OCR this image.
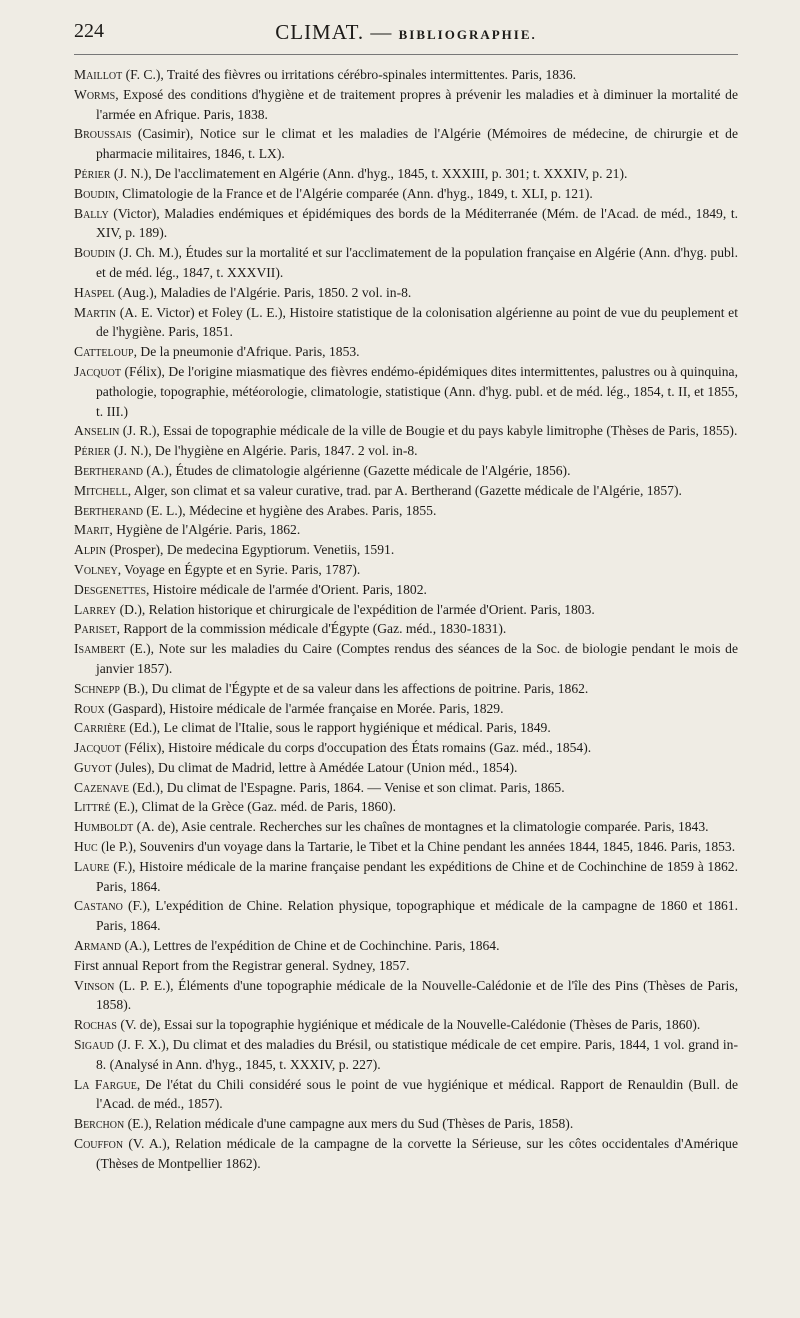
224	CLIMAT. — BIBLIOGRAPHIE.
Maillot (F. C.), Traité des fièvres ou irritations cérébro-spinales intermittentes. Paris, 1836.
Worms, Exposé des conditions d'hygiène et de traitement propres à prévenir les maladies et à diminuer la mortalité de l'armée en Afrique. Paris, 1838.
Broussais (Casimir), Notice sur le climat et les maladies de l'Algérie (Mémoires de médecine, de chirurgie et de pharmacie militaires, 1846, t. LX).
Périer (J. N.), De l'acclimatement en Algérie (Ann. d'hyg., 1845, t. XXXIII, p. 301; t. XXXIV, p. 21).
Boudin, Climatologie de la France et de l'Algérie comparée (Ann. d'hyg., 1849, t. XLI, p. 121).
Bally (Victor), Maladies endémiques et épidémiques des bords de la Méditerranée (Mém. de l'Acad. de méd., 1849, t. XIV, p. 189).
Boudin (J. Ch. M.), Études sur la mortalité et sur l'acclimatement de la population française en Algérie (Ann. d'hyg. publ. et de méd. lég., 1847, t. XXXVII).
Haspel (Aug.), Maladies de l'Algérie. Paris, 1850. 2 vol. in-8.
Martin (A. E. Victor) et Foley (L. E.), Histoire statistique de la colonisation algérienne au point de vue du peuplement et de l'hygiène. Paris, 1851.
Catteloup, De la pneumonie d'Afrique. Paris, 1853.
Jacquot (Félix), De l'origine miasmatique des fièvres endémo-épidémiques dites intermittentes, palustres ou à quinquina, pathologie, topographie, météorologie, climatologie, statistique (Ann. d'hyg. publ. et de méd. lég., 1854, t. II, et 1855, t. III.)
Anselin (J. R.), Essai de topographie médicale de la ville de Bougie et du pays kabyle limitrophe (Thèses de Paris, 1855).
Périer (J. N.), De l'hygiène en Algérie. Paris, 1847. 2 vol. in-8.
Bertherand (A.), Études de climatologie algérienne (Gazette médicale de l'Algérie, 1856).
Mitchell, Alger, son climat et sa valeur curative, trad. par A. Bertherand (Gazette médicale de l'Algérie, 1857).
Bertherand (E. L.), Médecine et hygiène des Arabes. Paris, 1855.
Marit, Hygiène de l'Algérie. Paris, 1862.
Alpin (Prosper), De medecina Egyptiorum. Venetiis, 1591.
Volney, Voyage en Égypte et en Syrie. Paris, 1787).
Desgenettes, Histoire médicale de l'armée d'Orient. Paris, 1802.
Larrey (D.), Relation historique et chirurgicale de l'expédition de l'armée d'Orient. Paris, 1803.
Pariset, Rapport de la commission médicale d'Égypte (Gaz. méd., 1830-1831).
Isambert (E.), Note sur les maladies du Caire (Comptes rendus des séances de la Soc. de biologie pendant le mois de janvier 1857).
Schnepp (B.), Du climat de l'Égypte et de sa valeur dans les affections de poitrine. Paris, 1862.
Roux (Gaspard), Histoire médicale de l'armée française en Morée. Paris, 1829.
Carrière (Ed.), Le climat de l'Italie, sous le rapport hygiénique et médical. Paris, 1849.
Jacquot (Félix), Histoire médicale du corps d'occupation des États romains (Gaz. méd., 1854).
Guyot (Jules), Du climat de Madrid, lettre à Amédée Latour (Union méd., 1854).
Cazenave (Ed.), Du climat de l'Espagne. Paris, 1864. — Venise et son climat. Paris, 1865.
Littré (E.), Climat de la Grèce (Gaz. méd. de Paris, 1860).
Humboldt (A. de), Asie centrale. Recherches sur les chaînes de montagnes et la climatologie comparée. Paris, 1843.
Huc (le P.), Souvenirs d'un voyage dans la Tartarie, le Tibet et la Chine pendant les années 1844, 1845, 1846. Paris, 1853.
Laure (F.), Histoire médicale de la marine française pendant les expéditions de Chine et de Cochinchine de 1859 à 1862. Paris, 1864.
Castano (F.), L'expédition de Chine. Relation physique, topographique et médicale de la campagne de 1860 et 1861. Paris, 1864.
Armand (A.), Lettres de l'expédition de Chine et de Cochinchine. Paris, 1864.
First annual Report from the Registrar general. Sydney, 1857.
Vinson (L. P. E.), Éléments d'une topographie médicale de la Nouvelle-Calédonie et de l'île des Pins (Thèses de Paris, 1858).
Rochas (V. de), Essai sur la topographie hygiénique et médicale de la Nouvelle-Calédonie (Thèses de Paris, 1860).
Sigaud (J. F. X.), Du climat et des maladies du Brésil, ou statistique médicale de cet empire. Paris, 1844, 1 vol. grand in-8. (Analysé in Ann. d'hyg., 1845, t. XXXIV, p. 227).
La Fargue, De l'état du Chili considéré sous le point de vue hygiénique et médical. Rapport de Renauldin (Bull. de l'Acad. de méd., 1857).
Berchon (E.), Relation médicale d'une campagne aux mers du Sud (Thèses de Paris, 1858).
Couffon (V. A.), Relation médicale de la campagne de la corvette la Sérieuse, sur les côtes occidentales d'Amérique (Thèses de Montpellier 1862).
